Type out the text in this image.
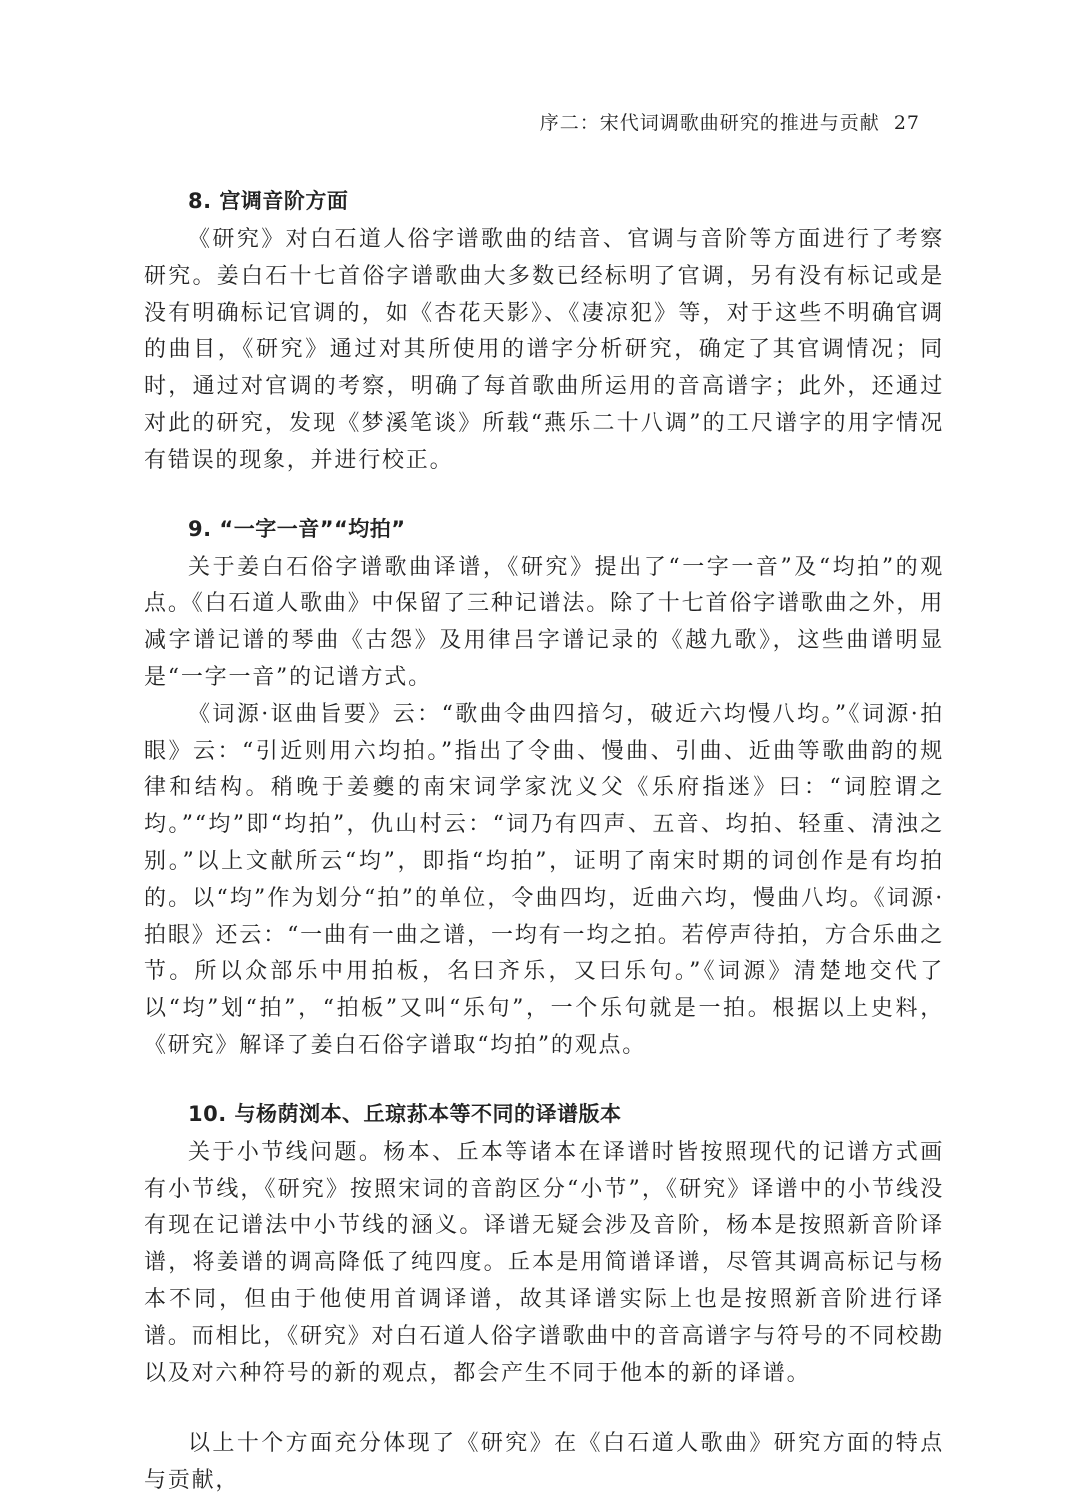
序二：宋代词调歌曲研究的推进与贡献 27
8. 宫调音阶方面

《研究》对白石道人俗字谱歌曲的结音、官调与音阶等方面进行了考察研究。姜白石十七首俗字谱歌曲大多数已经标明了官调，另有没有标记或是没有明确标记官调的，如《杏花天影》、《凄凉犯》等，对于这些不明确官调的曲目，《研究》通过对其所使用的谱字分析研究，确定了其官调情况；同时，通过对官调的考察，明确了每首歌曲所运用的音高谱字；此外，还通过对此的研究，发现《梦溪笔谈》所载“燕乐二十八调”的工尺谱字的用字情况有错误的现象，并进行校正。

9. “一字一音”“均拍”

关于姜白石俗字谱歌曲译谱，《研究》提出了“一字一音”及“均拍”的观点。《白石道人歌曲》中保留了三种记谱法。除了十七首俗字谱歌曲之外，用减字谱记谱的琴曲《古怨》及用律吕字谱记录的《越九歌》，这些曲谱明显是“一字一音”的记谱方式。

《词源·讴曲旨要》云：“歌曲令曲四揞匀，破近六均慢八均。”《词源·拍眼》云：“引近则用六均拍。”指出了令曲、慢曲、引曲、近曲等歌曲韵的规律和结构。稍晚于姜夔的南宋词学家沈义父《乐府指迷》曰：“词腔谓之均。”“均”即“均拍”，仇山村云：“词乃有四声、五音、均拍、轻重、清浊之别。”以上文献所云“均”，即指“均拍”，证明了南宋时期的词创作是有均拍的。以“均”作为划分“拍”的单位，令曲四均，近曲六均，慢曲八均。《词源·拍眼》还云：“一曲有一曲之谱，一均有一均之拍。若停声待拍，方合乐曲之节。所以众部乐中用拍板，名曰齐乐，又曰乐句。”《词源》清楚地交代了以“均”划“拍”，“拍板”又叫“乐句”，一个乐句就是一拍。根据以上史料，《研究》解译了姜白石俗字谱取“均拍”的观点。

10. 与杨荫浏本、丘琼荪本等不同的译谱版本

关于小节线问题。杨本、丘本等诸本在译谱时皆按照现代的记谱方式画有小节线，《研究》按照宋词的音韵区分“小节”，《研究》译谱中的小节线没有现在记谱法中小节线的涵义。译谱无疑会涉及音阶，杨本是按照新音阶译谱，将姜谱的调高降低了纯四度。丘本是用简谱译谱，尽管其调高标记与杨本不同，但由于他使用首调译谱，故其译谱实际上也是按照新音阶进行译谱。而相比，《研究》对白石道人俗字谱歌曲中的音高谱字与符号的不同校勘以及对六种符号的新的观点，都会产生不同于他本的新的译谱。

以上十个方面充分体现了《研究》在《白石道人歌曲》研究方面的特点与贡献，
